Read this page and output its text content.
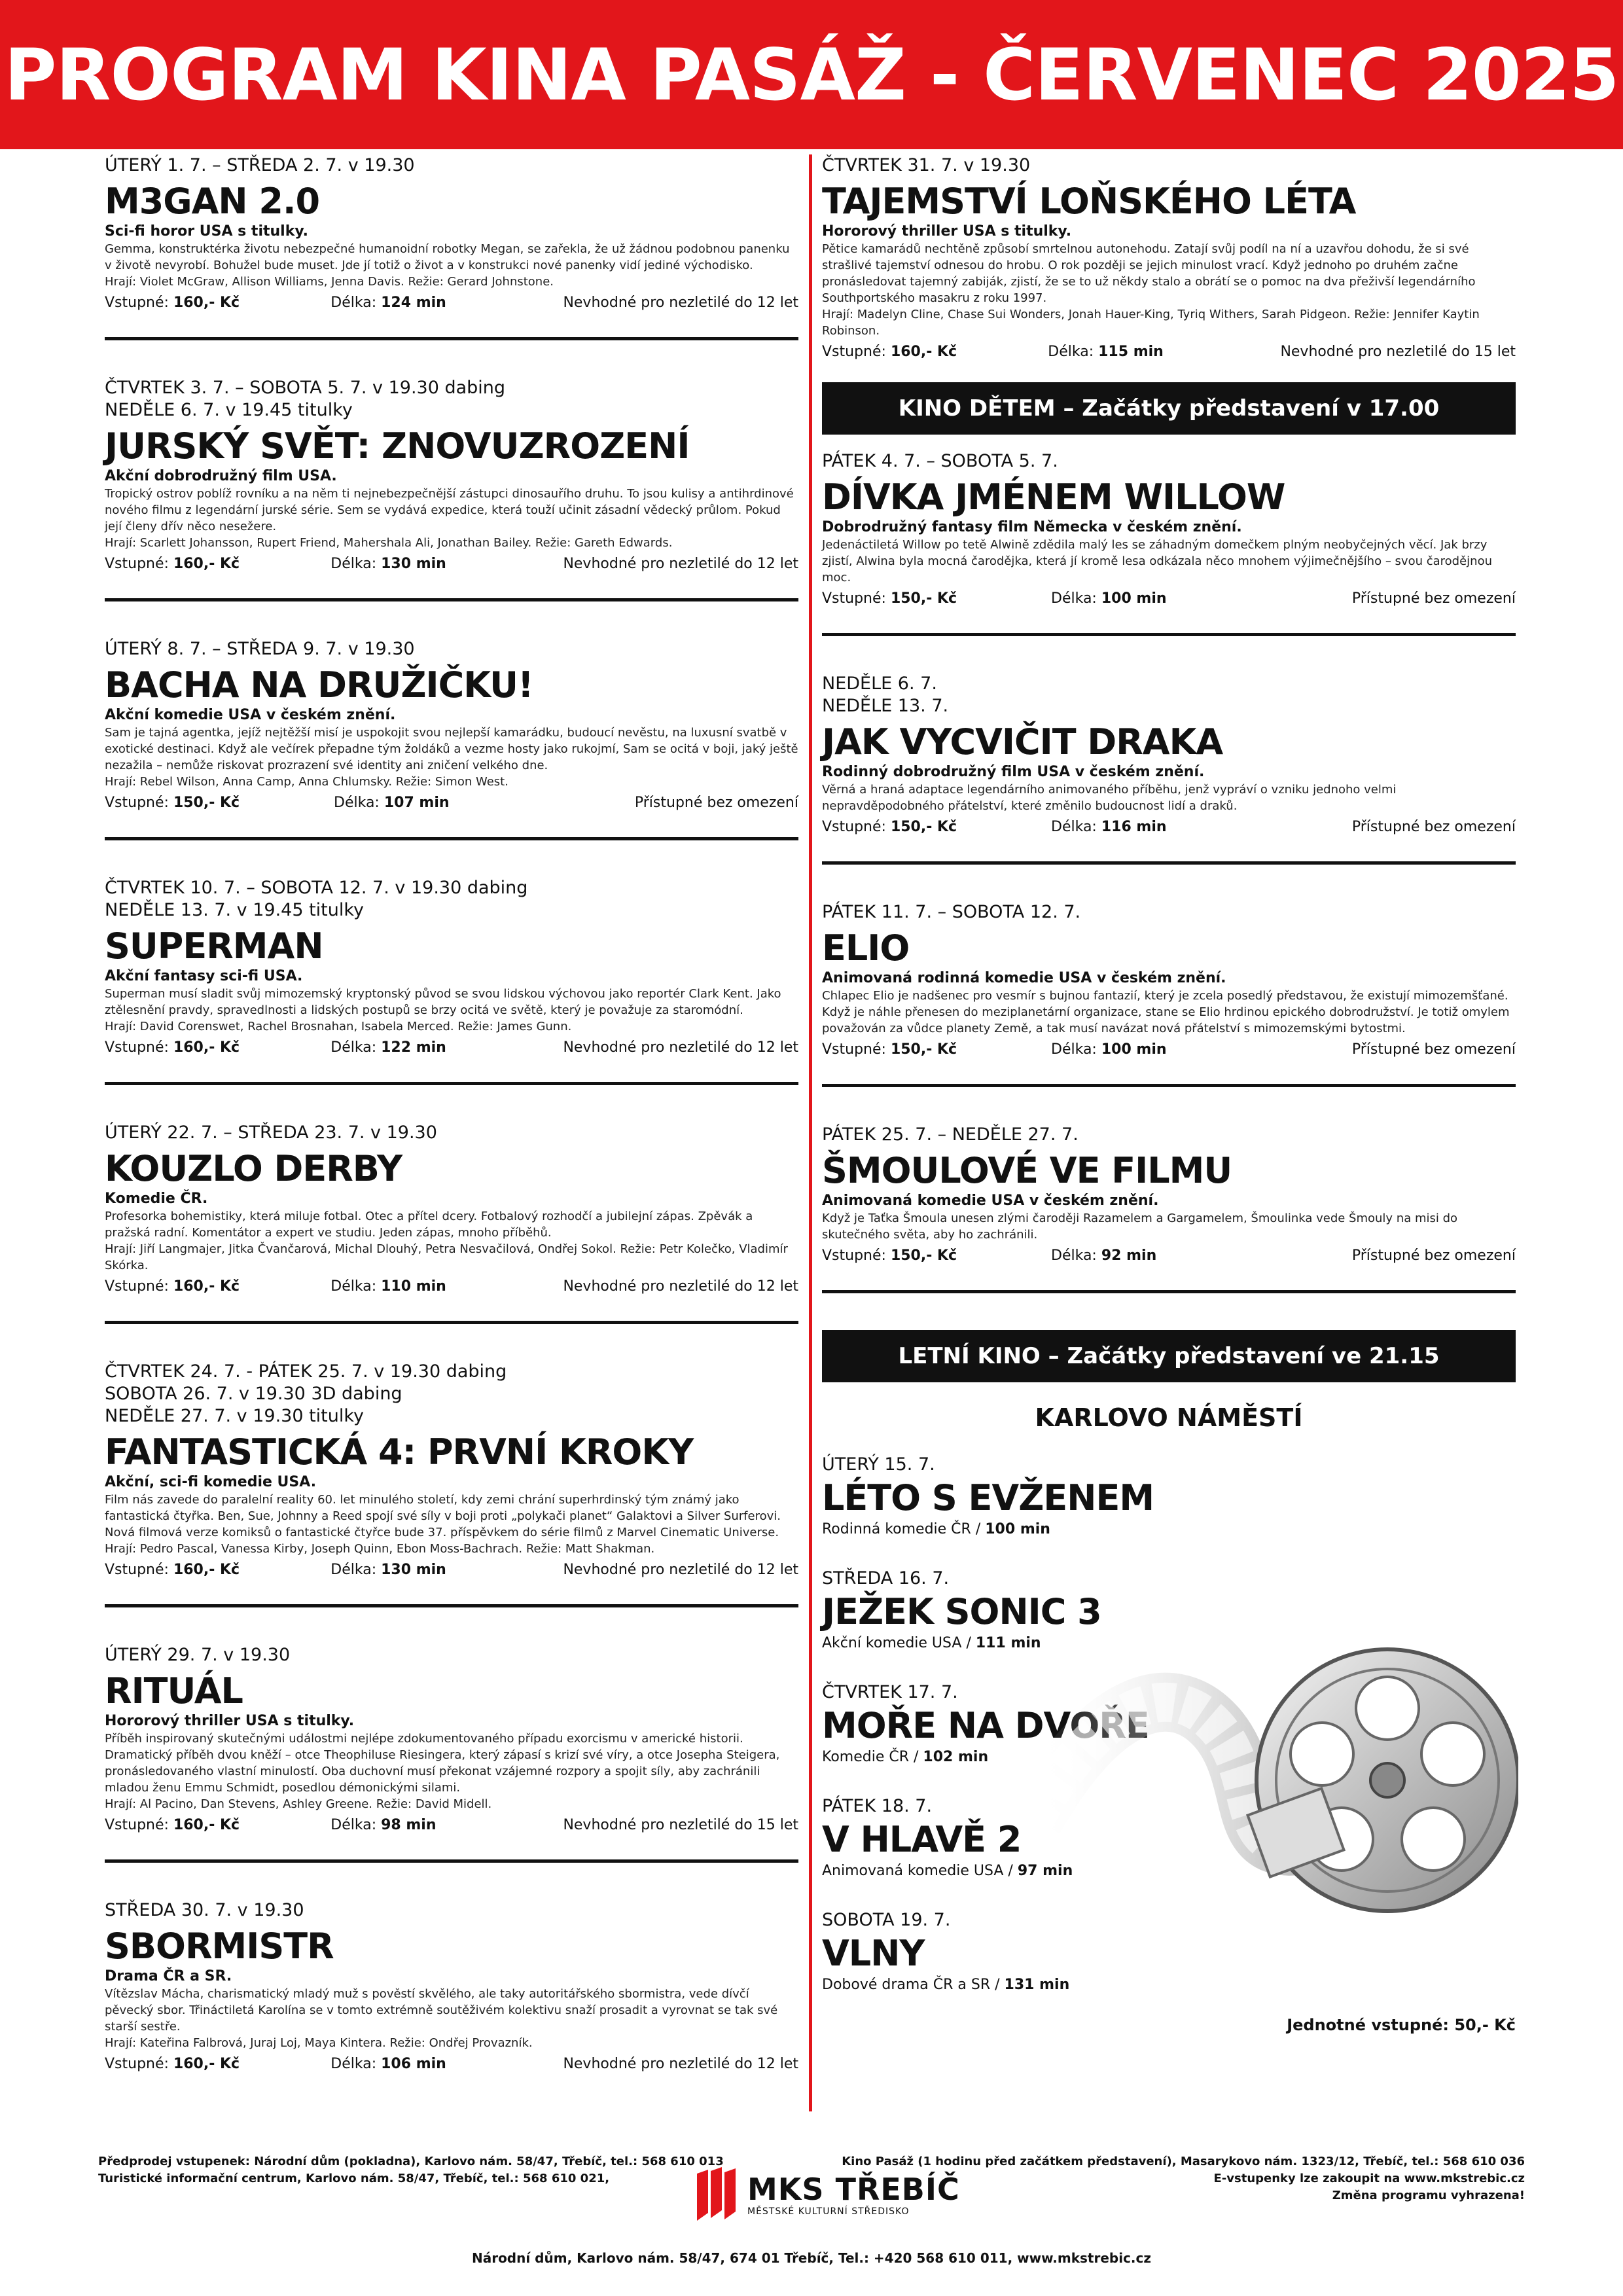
PROGRAM KINA PASÁŽ - ČERVENEC 2025
ÚTERÝ 1. 7. – STŘEDA 2. 7. v 19.30
M3GAN 2.0
Sci-fi horor USA s titulky.

Gemma, konstruktérka životu nebezpečné humanoidní robotky Megan, se zařekla, že už žádnou podobnou panenku v životě nevyrobí. Bohužel bude muset. Jde jí totiž o život a v konstrukci nové panenky vidí jediné východisko.

Hrají: Violet McGraw, Allison Williams, Jenna Davis. Režie: Gerard Johnstone.

Vstupné: 160,- Kč	Délka: 124 min	Nevhodné pro nezletilé do 12 let
ČTVRTEK 3. 7. – SOBOTA 5. 7. v 19.30 dabing
NEDĚLE 6. 7. v 19.45 titulky
JURSKÝ SVĚT: ZNOVUZROZENÍ
Akční dobrodružný film USA.

Tropický ostrov poblíž rovníku a na něm ti nejnebezpečnější zástupci dinosauřího druhu. To jsou kulisy a antihrdinové nového filmu z legendární jurské série. Sem se vydává expedice, která touží učinit zásadní vědecký průlom. Pokud její členy dřív něco nesežere.

Hrají: Scarlett Johansson, Rupert Friend, Mahershala Ali, Jonathan Bailey. Režie: Gareth Edwards.

Vstupné: 160,- Kč	Délka: 130 min	Nevhodné pro nezletilé do 12 let
ÚTERÝ 8. 7. – STŘEDA 9. 7. v 19.30
BACHA NA DRUŽIČKU!
Akční komedie USA v českém znění.

Sam je tajná agentka, jejíž nejtěžší misí je uspokojit svou nejlepší kamarádku, budoucí nevěstu, na luxusní svatbě v exotické destinaci. Když ale večírek přepadne tým žoldáků a vezme hosty jako rukojmí, Sam se ocitá v boji, jaký ještě nezažila – nemůže riskovat prozrazení své identity ani zničení velkého dne.

Hrají: Rebel Wilson, Anna Camp, Anna Chlumsky. Režie: Simon West.

Vstupné: 150,- Kč	Délka: 107 min	Přístupné bez omezení
ČTVRTEK 10. 7. – SOBOTA 12. 7. v 19.30 dabing
NEDĚLE 13. 7. v 19.45 titulky
SUPERMAN
Akční fantasy sci-fi USA.

Superman musí sladit svůj mimozemský kryptonský původ se svou lidskou výchovou jako reportér Clark Kent. Jako ztělesnění pravdy, spravedlnosti a lidských postupů se brzy ocitá ve světě, který je považuje za staromódní.

Hrají: David Corenswet, Rachel Brosnahan, Isabela Merced. Režie: James Gunn.

Vstupné: 160,- Kč	Délka: 122 min	Nevhodné pro nezletilé do 12 let
ÚTERÝ 22. 7. – STŘEDA 23. 7. v 19.30
KOUZLO DERBY
Komedie ČR.

Profesorka bohemistiky, která miluje fotbal. Otec a přítel dcery. Fotbalový rozhodčí a jubilejní zápas. Zpěvák a pražská radní. Komentátor a expert ve studiu. Jeden zápas, mnoho příběhů.

Hrají: Jiří Langmajer, Jitka Čvančarová, Michal Dlouhý, Petra Nesvačilová, Ondřej Sokol. Režie: Petr Kolečko, Vladimír Skórka.

Vstupné: 160,- Kč	Délka: 110 min	Nevhodné pro nezletilé do 12 let
ČTVRTEK 24. 7. - PÁTEK 25. 7. v 19.30 dabing
SOBOTA 26. 7. v 19.30 3D dabing
NEDĚLE 27. 7. v 19.30 titulky
FANTASTICKÁ 4: PRVNÍ KROKY
Akční, sci-fi komedie USA.

Film nás zavede do paralelní reality 60. let minulého století, kdy zemi chrání superhrdinský tým známý jako fantastická čtyřka. Ben, Sue, Johnny a Reed spojí své síly v boji proti „polykači planet“ Galaktovi a Silver Surferovi. Nová filmová verze komiksů o fantastické čtyřce bude 37. příspěvkem do série filmů z Marvel Cinematic Universe.

Hrají: Pedro Pascal, Vanessa Kirby, Joseph Quinn, Ebon Moss-Bachrach. Režie: Matt Shakman.

Vstupné: 160,- Kč	Délka: 130 min	Nevhodné pro nezletilé do 12 let
ÚTERÝ 29. 7. v 19.30
RITUÁL
Hororový thriller USA s titulky.

Příběh inspirovaný skutečnými událostmi nejlépe zdokumentovaného případu exorcismu v americké historii. Dramatický příběh dvou kněží – otce Theophiluse Riesingera, který zápasí s krizí své víry, a otce Josepha Steigera, pronásledovaného vlastní minulostí. Oba duchovní musí překonat vzájemné rozpory a spojit síly, aby zachránili mladou ženu Emmu Schmidt, posedlou démonickými silami.

Hrají: Al Pacino, Dan Stevens, Ashley Greene. Režie: David Midell.

Vstupné: 160,- Kč	Délka: 98 min	Nevhodné pro nezletilé do 15 let
STŘEDA 30. 7. v 19.30
SBORMISTR
Drama ČR a SR.

Vítězslav Mácha, charismatický mladý muž s pověstí skvělého, ale taky autoritářského sbormistra, vede dívčí pěvecký sbor. Třináctiletá Karolína se v tomto extrémně soutěživém kolektivu snaží prosadit a vyrovnat se tak své starší sestře.

Hrají: Kateřina Falbrová, Juraj Loj, Maya Kintera. Režie: Ondřej Provazník.

Vstupné: 160,- Kč	Délka: 106 min	Nevhodné pro nezletilé do 12 let
ČTVRTEK 31. 7. v 19.30
TAJEMSTVÍ LOŇSKÉHO LÉTA
Hororový thriller USA s titulky.

Pětice kamarádů nechtěně způsobí smrtelnou autonehodu. Zatají svůj podíl na ní a uzavřou dohodu, že si své strašlivé tajemství odnesou do hrobu. O rok později se jejich minulost vrací. Když jednoho po druhém začne pronásledovat tajemný zabiják, zjistí, že se to už někdy stalo a obrátí se o pomoc na dva přeživší legendárního Southportského masakru z roku 1997.

Hrají: Madelyn Cline, Chase Sui Wonders, Jonah Hauer-King, Tyriq Withers, Sarah Pidgeon. Režie: Jennifer Kaytin Robinson.

Vstupné: 160,- Kč	Délka: 115 min	Nevhodné pro nezletilé do 15 let
KINO DĚTEM – Začátky představení v 17.00
PÁTEK 4. 7. – SOBOTA 5. 7.
DÍVKA JMÉNEM WILLOW
Dobrodružný fantasy film Německa v českém znění.

Jedenáctiletá Willow po tetě Alwině zdědila malý les se záhadným domečkem plným neobyčejných věcí. Jak brzy zjistí, Alwina byla mocná čarodějka, která jí kromě lesa odkázala něco mnohem výjimečnějšího – svou čarodějnou moc.

Vstupné: 150,- Kč	Délka: 100 min	Přístupné bez omezení
NEDĚLE 6. 7.
NEDĚLE 13. 7.
JAK VYCVIČIT DRAKA
Rodinný dobrodružný film USA v českém znění.

Věrná a hraná adaptace legendárního animovaného příběhu, jenž vypráví o vzniku jednoho velmi nepravděpodobného přátelství, které změnilo budoucnost lidí a draků.

Vstupné: 150,- Kč	Délka: 116 min	Přístupné bez omezení
PÁTEK 11. 7. – SOBOTA 12. 7.
ELIO
Animovaná rodinná komedie USA v českém znění.

Chlapec Elio je nadšenec pro vesmír s bujnou fantazií, který je zcela posedlý představou, že existují mimozemšťané. Když je náhle přenesen do meziplanetární organizace, stane se Elio hrdinou epického dobrodružství. Je totiž omylem považován za vůdce planety Země, a tak musí navázat nová přátelství s mimozemskými bytostmi.

Vstupné: 150,- Kč	Délka: 100 min	Přístupné bez omezení
PÁTEK 25. 7. – NEDĚLE 27. 7.
ŠMOULOVÉ VE FILMU
Animovaná komedie USA v českém znění.

Když je Taťka Šmoula unesen zlými čaroději Razamelem a Gargamelem, Šmoulinka vede Šmouly na misi do skutečného světa, aby ho zachránili.

Vstupné: 150,- Kč	Délka: 92 min	Přístupné bez omezení
LETNÍ KINO – Začátky představení ve 21.15
KARLOVO NÁMĚSTÍ
ÚTERÝ 15. 7.
LÉTO S EVŽENEM
Rodinná komedie ČR / 100 min
STŘEDA 16. 7.
JEŽEK SONIC 3
Akční komedie USA / 111 min
ČTVRTEK 17. 7.
MOŘE NA DVOŘE
Komedie ČR / 102 min
PÁTEK 18. 7.
V HLAVĚ 2
Animovaná komedie USA / 97 min
SOBOTA 19. 7.
VLNY
Dobové drama ČR a SR / 131 min
Jednotné vstupné: 50,- Kč
Předprodej vstupenek: Národní dům (pokladna), Karlovo nám. 58/47, Třebíč, tel.: 568 610 013
Turistické informační centrum, Karlovo nám. 58/47, Třebíč, tel.: 568 610 021,	MKS TŘEBÍČ
MĚSTSKÉ KULTURNÍ STŘEDISKO
Kino Pasáž (1 hodinu před začátkem představení), Masarykovo nám. 1323/12, Třebíč, tel.: 568 610 036
E-vstupenky lze zakoupit na www.mkstrebic.cz
Změna programu vyhrazena!
Národní dům, Karlovo nám. 58/47, 674 01 Třebíč, Tel.: +420 568 610 011, www.mkstrebic.cz
